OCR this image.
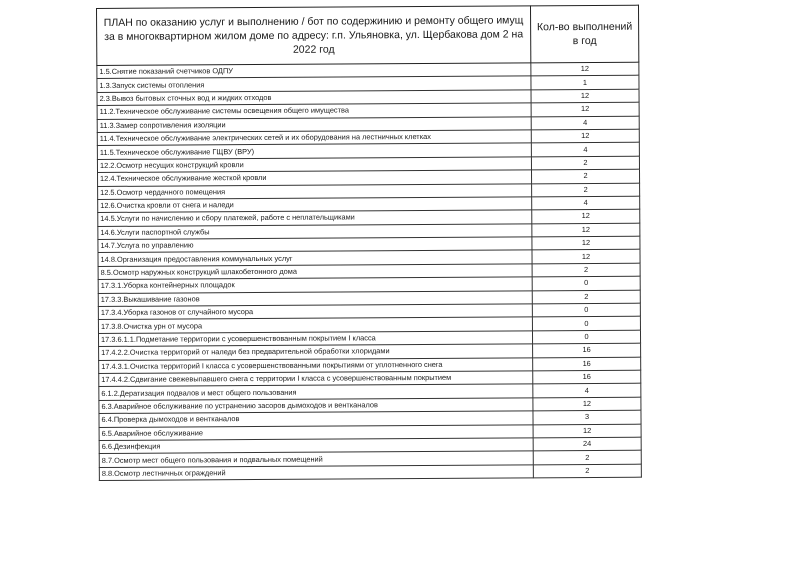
ПЛАН по оказанию услуг и выполнению / бот по содержинию и ремонту общего имущ за в многоквартирном жилом доме по адресу: г.п. Ульяновка, ул. Щербакова дом 2 на 2022 год	Кол-во выполнений в год
1.5.Снятие показаний счетчиков ОДПУ	12
1.3.Запуск системы отопления	1
2.3.Вывоз бытовых сточных вод и жидких отходов	12
11.2.Техническое обслуживание системы освещения общего имущества	12
11.3.Замер сопротивления изоляции	4
11.4.Техническое обслуживание электрических сетей и их оборудования на лестничных клетках	12
11.5.Техническое обслуживание ГЩВУ (ВРУ)	4
12.2.Осмотр несущих конструкций кровли	2
12.4.Техническое обслуживание жесткой кровли	2
12.5.Осмотр чердачного помещения	2
12.6.Очистка кровли от снега и наледи	4
14.5.Услуги по начислению и сбору платежей, работе с неплательщиками	12
14.6.Услуги паспортной службы	12
14.7.Услуга по управлению	12
14.8.Организация предоставления коммунальных услуг	12
8.5.Осмотр наружных конструкций шлакобетонного дома	2
17.3.1.Уборка контейнерных площадок	0
17.3.3.Выкашивание газонов	2
17.3.4.Уборка газонов от случайного мусора	0
17.3.8.Очистка урн от мусора	0
17.3.6.1.1.Подметание территории с усовершенствованным покрытием I класса	0
17.4.2.2.Очистка территорий от наледи без предварительной обработки хлоридами	16
17.4.3.1.Очистка территорий I класса с усовершенствованными покрытиями от уплотненного снега	16
17.4.4.2.Сдвигание свежевыпавшего снега с территории I класса с усовершенствованным покрытием	16
6.1.2.Дератизация подвалов и мест общего пользования	4
6.3.Аварийное обслуживание по устранению засоров дымоходов и вентканалов	12
6.4.Проверка дымоходов и вентканалов	3
6.5.Аварийное обслуживание	12
6.6.Дезинфекция	24
8.7.Осмотр мест общего пользования и подвальных помещений	2
8.8.Осмотр лестничных ограждений	2
